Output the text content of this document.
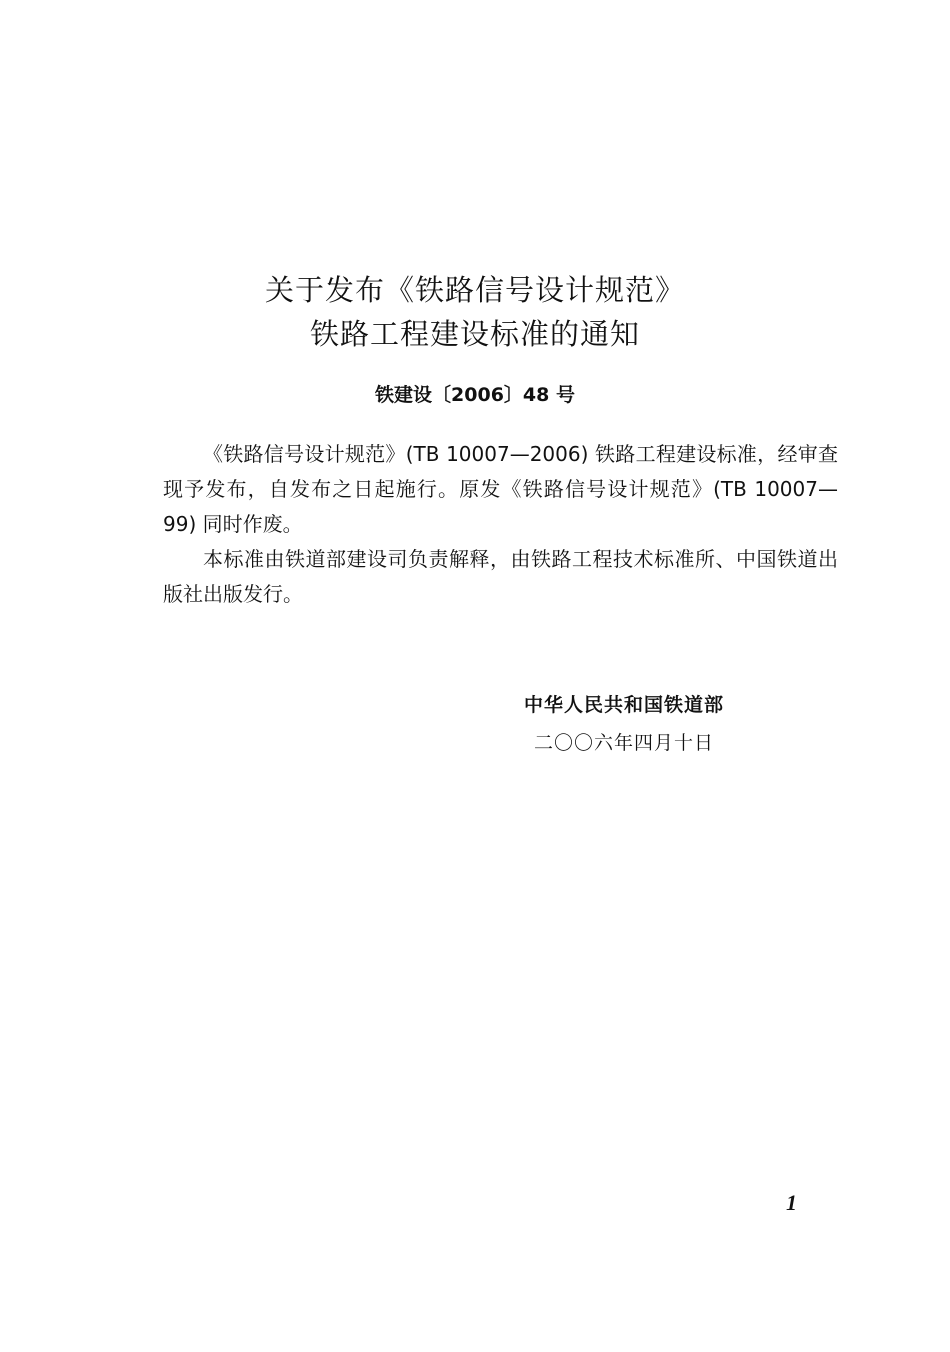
关于发布《铁路信号设计规范》
铁路工程建设标准的通知
铁建设〔2006〕48 号

《铁路信号设计规范》(TB 10007—2006) 铁路工程建设标准，经审查现予发布，自发布之日起施行。原发《铁路信号设计规范》(TB 10007—99) 同时作废。

本标准由铁道部建设司负责解释，由铁路工程技术标准所、中国铁道出版社出版发行。

中华人民共和国铁道部
二〇〇六年四月十日
1
